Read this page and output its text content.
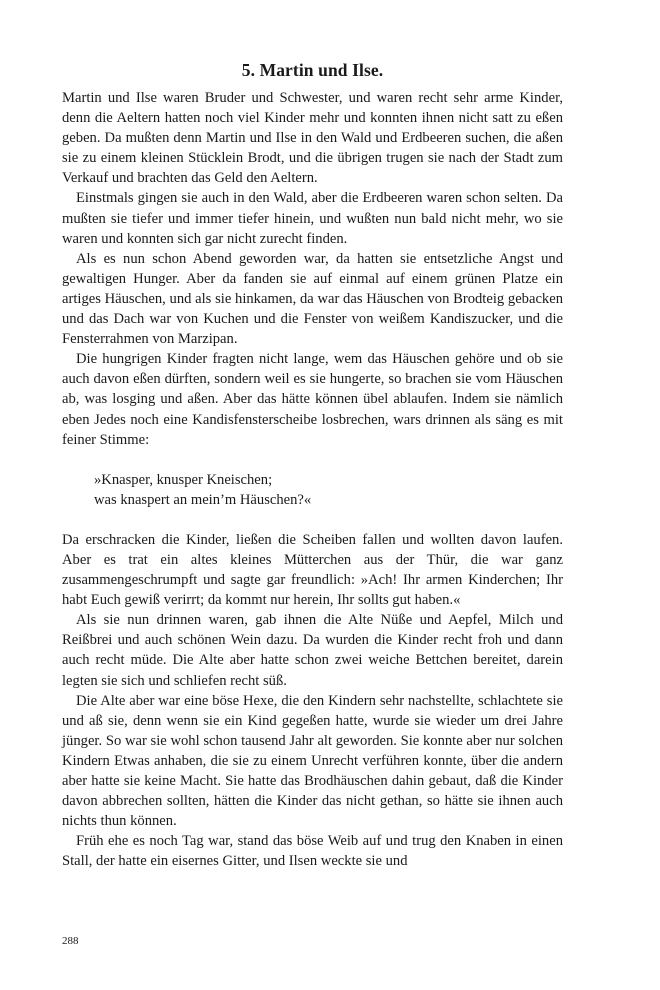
5. Martin und Ilse.

Martin und Ilse waren Bruder und Schwester, und waren recht sehr arme Kinder, denn die Aeltern hatten noch viel Kinder mehr und konnten ihnen nicht satt zu eßen geben. Da mußten denn Martin und Ilse in den Wald und Erdbeeren suchen, die aßen sie zu einem kleinen Stücklein Brodt, und die übrigen trugen sie nach der Stadt zum Verkauf und brachten das Geld den Aeltern.

Einstmals gingen sie auch in den Wald, aber die Erdbeeren waren schon selten. Da mußten sie tiefer und immer tiefer hinein, und wußten nun bald nicht mehr, wo sie waren und konnten sich gar nicht zurecht finden.

Als es nun schon Abend geworden war, da hatten sie entsetzliche Angst und gewaltigen Hunger. Aber da fanden sie auf einmal auf einem grünen Platze ein artiges Häuschen, und als sie hinkamen, da war das Häuschen von Brodteig gebacken und das Dach war von Kuchen und die Fenster von weißem Kandiszucker, und die Fensterrahmen von Marzipan.

Die hungrigen Kinder fragten nicht lange, wem das Häuschen gehöre und ob sie auch davon eßen dürften, sondern weil es sie hungerte, so brachen sie vom Häuschen ab, was losging und aßen. Aber das hätte können übel ablaufen. Indem sie nämlich eben Jedes noch eine Kandisfensterscheibe losbrechen, wars drinnen als säng es mit feiner Stimme:

»Knasper, knusper Kneischen;
was knaspert an mein’m Häuschen?«

Da erschracken die Kinder, ließen die Scheiben fallen und wollten davon laufen. Aber es trat ein altes kleines Mütterchen aus der Thür, die war ganz zusammengeschrumpft und sagte gar freundlich: »Ach! Ihr armen Kinderchen; Ihr habt Euch gewiß verirrt; da kommt nur herein, Ihr sollts gut haben.«

Als sie nun drinnen waren, gab ihnen die Alte Nüße und Aepfel, Milch und Reißbrei und auch schönen Wein dazu. Da wurden die Kinder recht froh und dann auch recht müde. Die Alte aber hatte schon zwei weiche Bettchen bereitet, darein legten sie sich und schliefen recht süß.

Die Alte aber war eine böse Hexe, die den Kindern sehr nachstellte, schlachtete sie und aß sie, denn wenn sie ein Kind gegeßen hatte, wurde sie wieder um drei Jahre jünger. So war sie wohl schon tausend Jahr alt geworden. Sie konnte aber nur solchen Kindern Etwas anhaben, die sie zu einem Unrecht verführen konnte, über die andern aber hatte sie keine Macht. Sie hatte das Brodhäuschen dahin gebaut, daß die Kinder davon abbrechen sollten, hätten die Kinder das nicht gethan, so hätte sie ihnen auch nichts thun können.

Früh ehe es noch Tag war, stand das böse Weib auf und trug den Knaben in einen Stall, der hatte ein eisernes Gitter, und Ilsen weckte sie und

288
